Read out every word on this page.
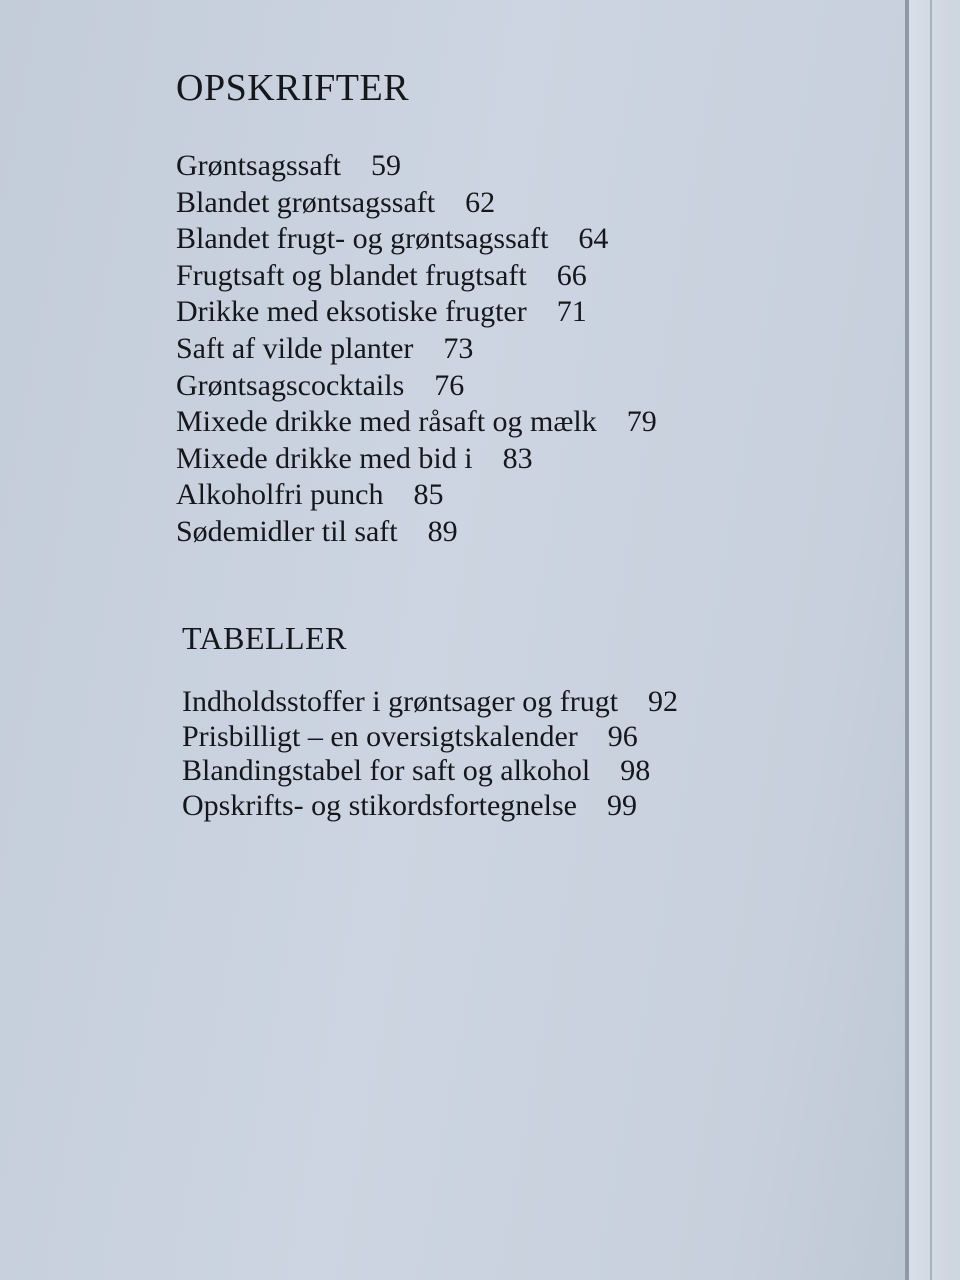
OPSKRIFTER
Grøntsagssaft 59
Blandet grøntsagssaft 62
Blandet frugt- og grøntsagssaft 64
Frugtsaft og blandet frugtsaft 66
Drikke med eksotiske frugter 71
Saft af vilde planter 73
Grøntsagscocktails 76
Mixede drikke med råsaft og mælk 79
Mixede drikke med bid i 83
Alkoholfri punch 85
Sødemidler til saft 89
TABELLER
Indholdsstoffer i grøntsager og frugt 92
Prisbilligt – en oversigtskalender 96
Blandingstabel for saft og alkohol 98
Opskrifts- og stikordsfortegnelse 99
